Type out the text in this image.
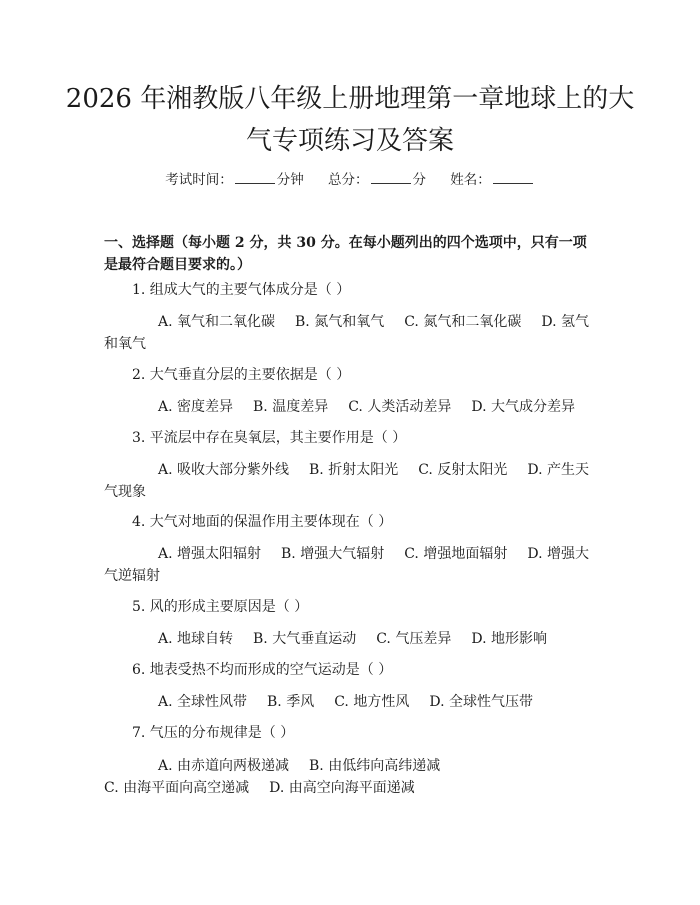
2026 年湘教版八年级上册地理第一章地球上的大气专项练习及答案
考试时间：	分钟 总分：	分 姓名：

一、选择题（每小题 2 分，共 30 分。在每小题列出的四个选项中，只有一项是最符合题目要求的。）

1. 组成大气的主要气体成分是（ ）
A. 氧气和二氧化碳 B. 氮气和氧气 C. 氮气和二氧化碳 D. 氢气和氧气
2. 大气垂直分层的主要依据是（ ）
A. 密度差异 B. 温度差异 C. 人类活动差异 D. 大气成分差异
3. 平流层中存在臭氧层，其主要作用是（ ）
A. 吸收大部分紫外线 B. 折射太阳光 C. 反射太阳光 D. 产生天气现象
4. 大气对地面的保温作用主要体现在（ ）
A. 增强太阳辐射 B. 增强大气辐射 C. 增强地面辐射 D. 增强大气逆辐射
5. 风的形成主要原因是（ ）
A. 地球自转 B. 大气垂直运动 C. 气压差异 D. 地形影响
6. 地表受热不均而形成的空气运动是（ ）
A. 全球性风带 B. 季风 C. 地方性风 D. 全球性气压带
7. 气压的分布规律是（ ）
A. 由赤道向两极递减 B. 由低纬向高纬递减C. 由海平面向高空递减 D. 由高空向海平面递减
